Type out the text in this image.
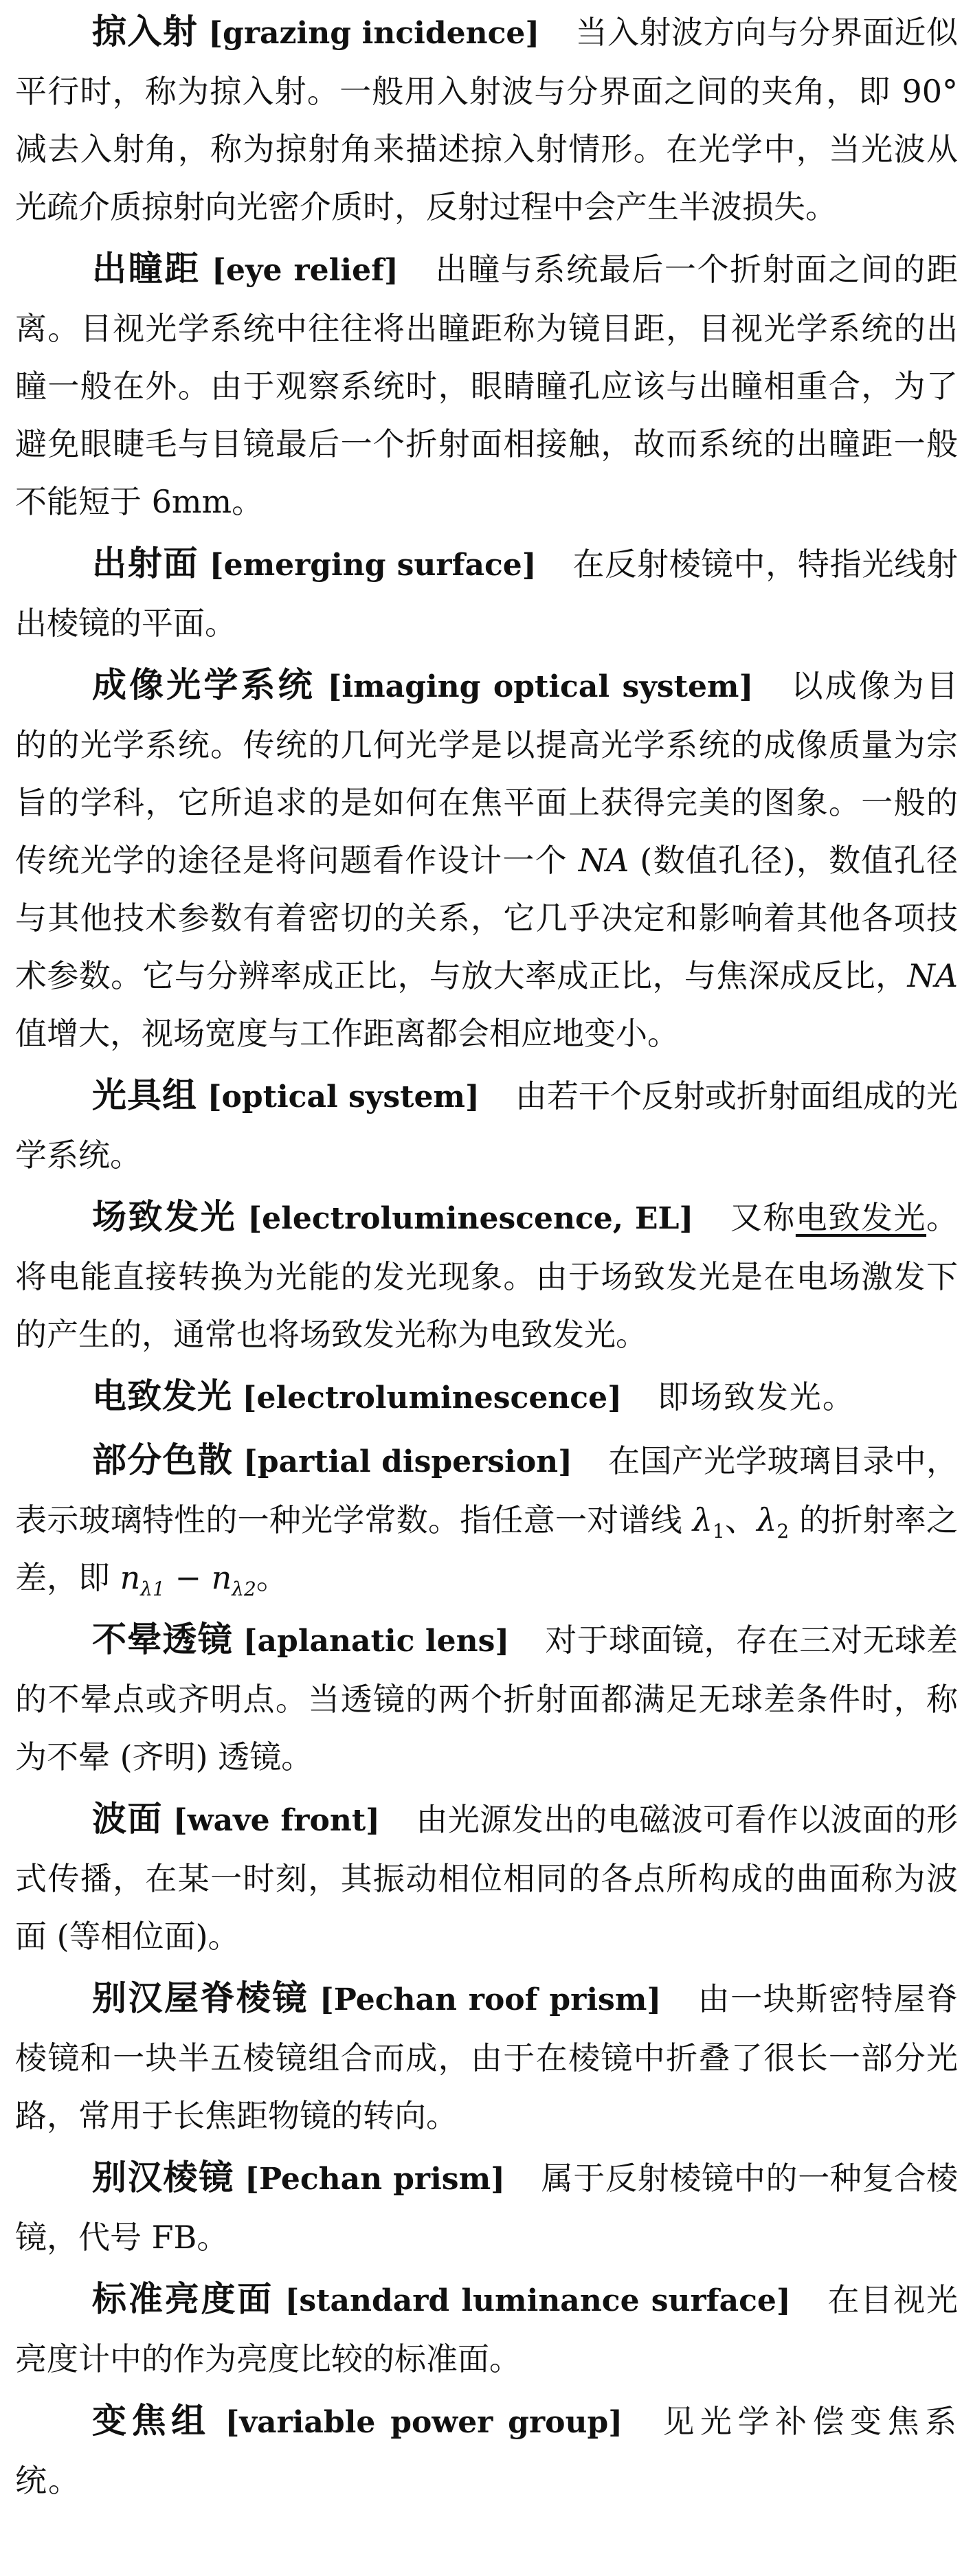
掠入射 [grazing incidence] 当入射波方向与分界面近似平行时，称为掠入射。一般用入射波与分界面之间的夹角，即 90° 减去入射角，称为掠射角来描述掠入射情形。在光学中，当光波从光疏介质掠射向光密介质时，反射过程中会产生半波损失。

出瞳距 [eye relief] 出瞳与系统最后一个折射面之间的距离。目视光学系统中往往将出瞳距称为镜目距，目视光学系统的出瞳一般在外。由于观察系统时，眼睛瞳孔应该与出瞳相重合，为了避免眼睫毛与目镜最后一个折射面相接触，故而系统的出瞳距一般不能短于 6mm。

出射面 [emerging surface] 在反射棱镜中，特指光线射出棱镜的平面。

成像光学系统 [imaging optical system] 以成像为目的的光学系统。传统的几何光学是以提高光学系统的成像质量为宗旨的学科，它所追求的是如何在焦平面上获得完美的图象。一般的传统光学的途径是将问题看作设计一个 NA (数值孔径)，数值孔径与其他技术参数有着密切的关系，它几乎决定和影响着其他各项技术参数。它与分辨率成正比，与放大率成正比，与焦深成反比，NA 值增大，视场宽度与工作距离都会相应地变小。

光具组 [optical system] 由若干个反射或折射面组成的光学系统。

场致发光 [electroluminescence, EL] 又称电致发光。将电能直接转换为光能的发光现象。由于场致发光是在电场激发下的产生的，通常也将场致发光称为电致发光。

电致发光 [electroluminescence] 即场致发光。

部分色散 [partial dispersion] 在国产光学玻璃目录中，表示玻璃特性的一种光学常数。指任意一对谱线 $\lambda_1$、$\lambda_2$ 的折射率之差，即 $n_{\lambda 1} - n_{\lambda 2}$。

不晕透镜 [aplanatic lens] 对于球面镜，存在三对无球差的不晕点或齐明点。当透镜的两个折射面都满足无球差条件时，称为不晕 (齐明) 透镜。

波面 [wave front] 由光源发出的电磁波可看作以波面的形式传播，在某一时刻，其振动相位相同的各点所构成的曲面称为波面 (等相位面)。

别汉屋脊棱镜 [Pechan roof prism] 由一块斯密特屋脊棱镜和一块半五棱镜组合而成，由于在棱镜中折叠了很长一部分光路，常用于长焦距物镜的转向。

别汉棱镜 [Pechan prism] 属于反射棱镜中的一种复合棱镜，代号 FB。

标准亮度面 [standard luminance surface] 在目视光亮度计中的作为亮度比较的标准面。

变焦组 [variable power group] 见光学补偿变焦系统。
